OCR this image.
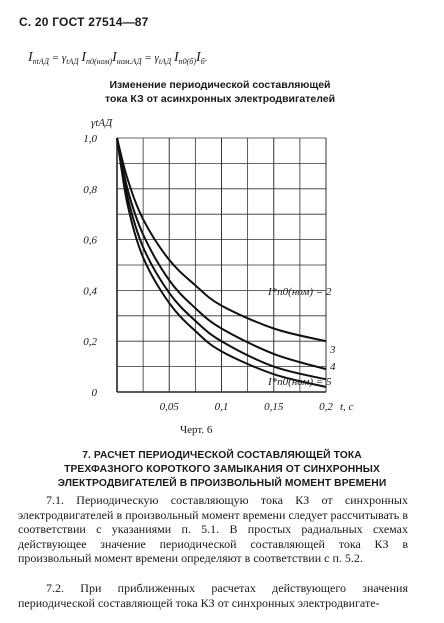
С. 20 ГОСТ 27514—87
$I_{пtАД} = \gamma_{tАД}$ $I_{п0(ном)}I_{ном.АД} = \gamma_{tАД}$ $I_{п0(б)}I_б$.
Изменение периодической составляющей
тока КЗ от асинхронных электродвигателей
0
0,2
0,4
0,6
0,8
1,0
0,05	0,1	0,15	0,2 t, c
γtАД
I*п0(ном) = 2
3
4
I*п0(ном) = 5
Черт. 6
7. РАСЧЕТ ПЕРИОДИЧЕСКОЙ СОСТАВЛЯЮЩЕЙ ТОКА
ТРЕХФАЗНОГО КОРОТКОГО ЗАМЫКАНИЯ ОТ СИНХРОННЫХ
ЭЛЕКТРОДВИГАТЕЛЕЙ В ПРОИЗВОЛЬНЫЙ МОМЕНТ ВРЕМЕНИ
7.1. Периодическую составляющую тока КЗ от синхронных электродвигателей в произвольный момент времени следует рассчитывать в соответствии с указаниями п. 5.1. В простых радиальных схемах действующее значение периодической составляющей тока КЗ в произвольный момент времени определяют в соответствии с п. 5.2.
7.2. При приближенных расчетах действующего значения периодической составляющей тока КЗ от синхронных электродвигате-
